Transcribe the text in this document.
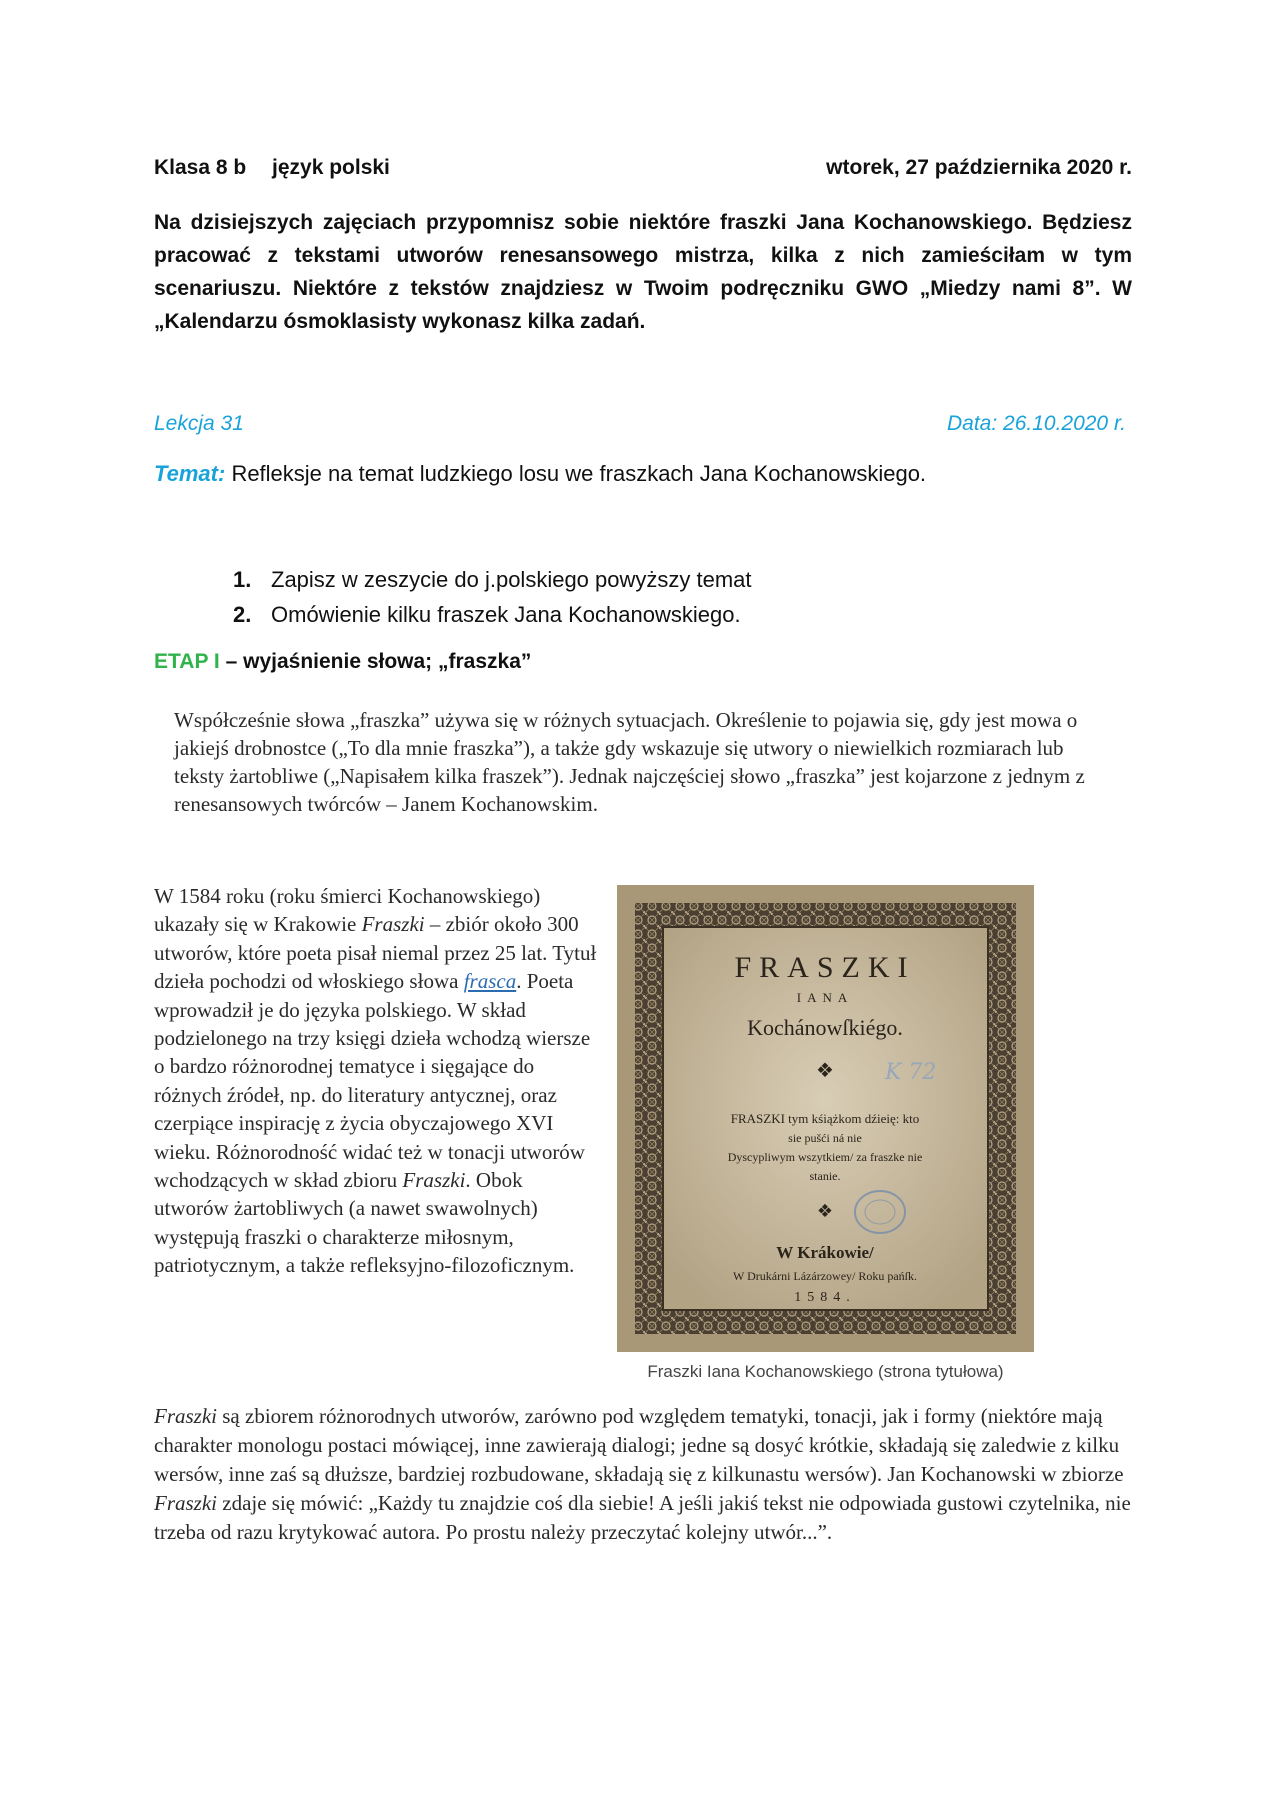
Klasa 8 b język polski	wtorek, 27 października 2020 r.
Na dzisiejszych zajęciach przypomnisz sobie niektóre fraszki Jana Kochanowskiego. Będziesz pracować z tekstami utworów renesansowego mistrza, kilka z nich zamieściłam w tym scenariuszu. Niektóre z tekstów znajdziesz w Twoim podręczniku GWO „Miedzy nami 8”. W „Kalendarzu ósmoklasisty wykonasz kilka zadań.
Lekcja 31	Data: 26.10.2020 r.
Temat: Refleksje na temat ludzkiego losu we fraszkach Jana Kochanowskiego.
1. Zapisz w zeszycie do j.polskiego powyższy temat
2. Omówienie kilku fraszek Jana Kochanowskiego.
ETAP I – wyjaśnienie słowa; „fraszka”
Współcześnie słowa „fraszka” używa się w różnych sytuacjach. Określenie to pojawia się, gdy jest mowa o jakiejś drobnostce („To dla mnie fraszka”), a także gdy wskazuje się utwory o niewielkich rozmiarach lub teksty żartobliwe („Napisałem kilka fraszek”). Jednak najczęściej słowo „fraszka” jest kojarzone z jednym z renesansowych twórców – Janem Kochanowskim.
W 1584 roku (roku śmierci Kochanowskiego) ukazały się w Krakowie Fraszki – zbiór około 300 utworów, które poeta pisał niemal przez 25 lat. Tytuł dzieła pochodzi od włoskiego słowa frasca. Poeta wprowadził je do języka polskiego. W skład podzielonego na trzy księgi dzieła wchodzą wiersze o bardzo różnorodnej tematyce i sięgające do różnych źródeł, np. do literatury antycznej, oraz czerpiące inspirację z życia obyczajowego XVI wieku. Różnorodność widać też w tonacji utworów wchodzących w skład zbioru Fraszki. Obok utworów żartobliwych (a nawet swawolnych) występują fraszki o charakterze miłosnym, patriotycznym, a także refleksyjno-filozoficznym.
FRASZKI
IANA
Kochánowſkiégo.
❖ K 72
FRASZKI tym kśiążkom dźieię: kto
sie pušći ná nie
Dyscypliwym wszytkiem/ za fraszke nie
stanie.
❖
W Krákowie/
W Drukárni Lázárzowey/ Roku pańſk.
1584.
Fraszki Iana Kochanowskiego (strona tytułowa)
Fraszki są zbiorem różnorodnych utworów, zarówno pod względem tematyki, tonacji, jak i formy (niektóre mają charakter monologu postaci mówiącej, inne zawierają dialogi; jedne są dosyć krótkie, składają się zaledwie z kilku wersów, inne zaś są dłuższe, bardziej rozbudowane, składają się z kilkunastu wersów). Jan Kochanowski w zbiorze Fraszki zdaje się mówić: „Każdy tu znajdzie coś dla siebie! A jeśli jakiś tekst nie odpowiada gustowi czytelnika, nie trzeba od razu krytykować autora. Po prostu należy przeczytać kolejny utwór...”.
